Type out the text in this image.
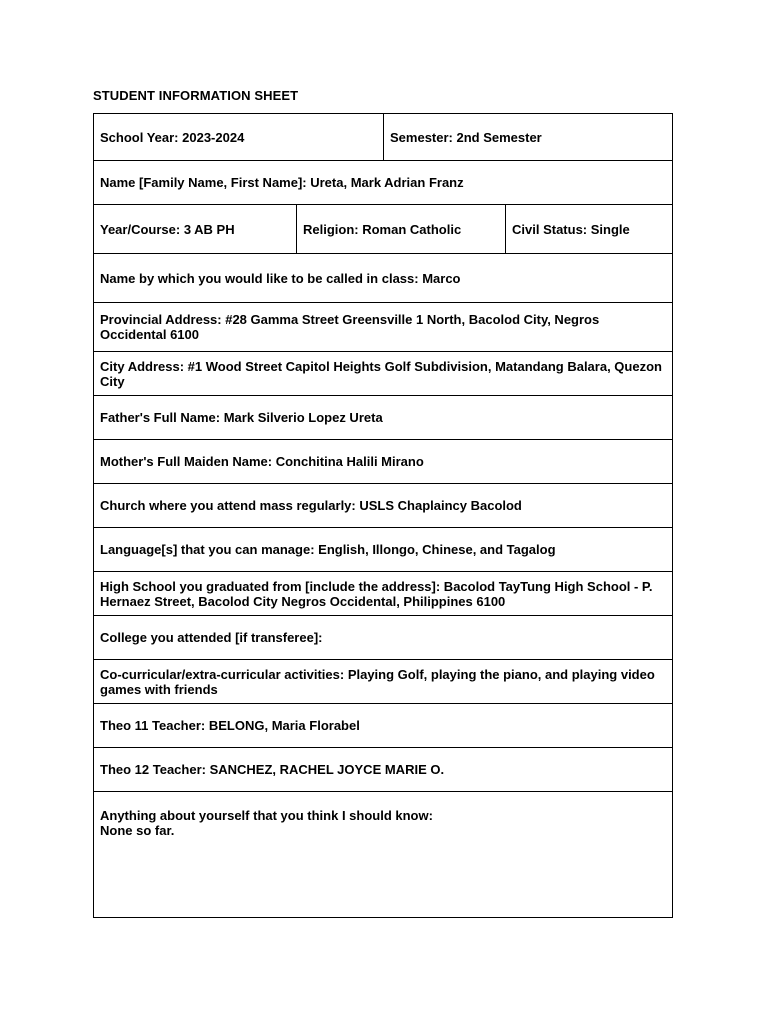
STUDENT INFORMATION SHEET
School Year: 2023-2024	Semester: 2nd Semester
Name [Family Name, First Name]: Ureta, Mark Adrian Franz
Year/Course: 3 AB PH	Religion: Roman Catholic	Civil Status: Single
Name by which you would like to be called in class: Marco
Provincial Address: #28 Gamma Street Greensville 1 North, Bacolod City, Negros Occidental 6100
City Address: #1 Wood Street Capitol Heights Golf Subdivision, Matandang Balara, Quezon City
Father's Full Name: Mark Silverio Lopez Ureta
Mother's Full Maiden Name: Conchitina Halili Mirano
Church where you attend mass regularly: USLS Chaplaincy Bacolod
Language[s] that you can manage: English, Illongo, Chinese, and Tagalog
High School you graduated from [include the address]: Bacolod TayTung High School - P. Hernaez Street, Bacolod City Negros Occidental, Philippines 6100
College you attended [if transferee]:
Co-curricular/extra-curricular activities: Playing Golf, playing the piano, and playing video games with friends
Theo 11 Teacher: BELONG, Maria Florabel
Theo 12 Teacher: SANCHEZ, RACHEL JOYCE MARIE O.
Anything about yourself that you think I should know:
None so far.
